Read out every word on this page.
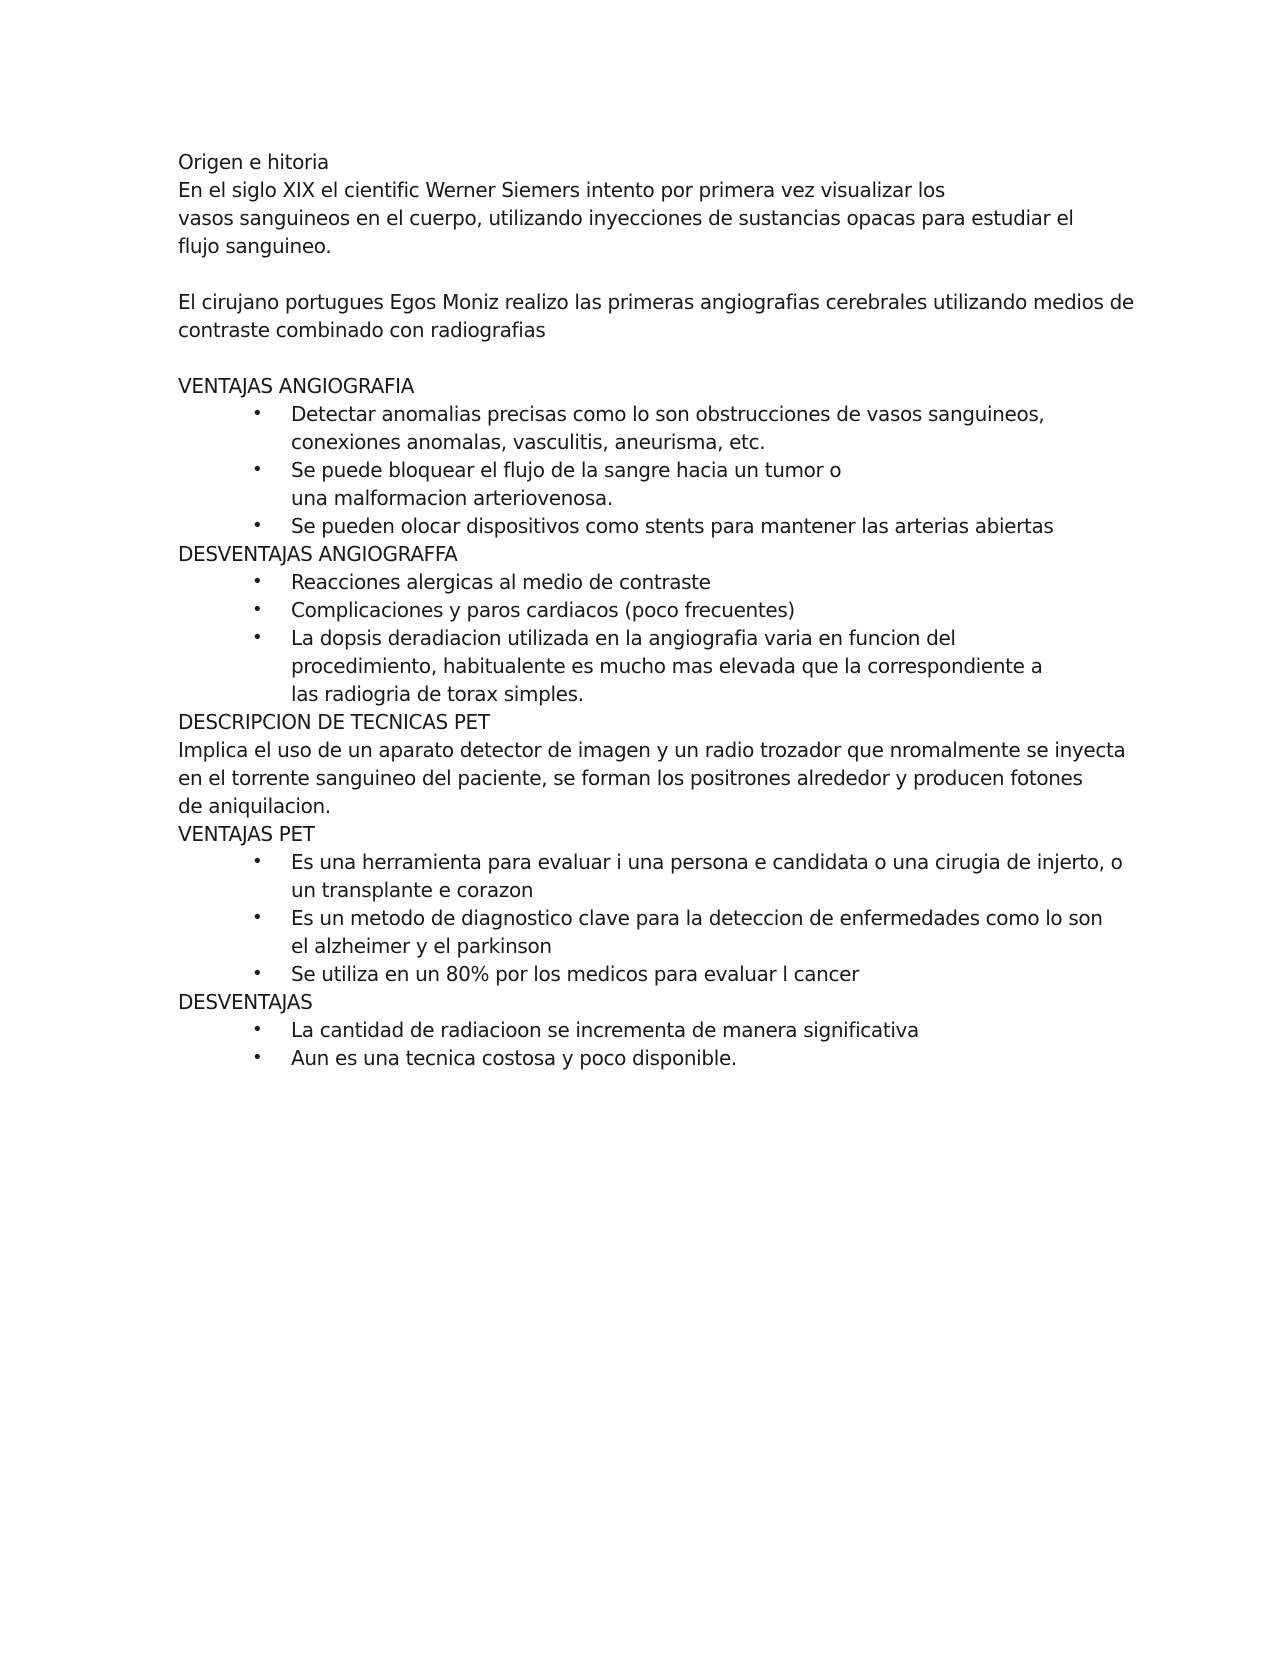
Origen e hitoria

En el siglo XIX el cientific Werner Siemers intento por primera vez visualizar los

vasos sanguineos en el cuerpo, utilizando inyecciones de sustancias opacas para estudiar el

flujo sanguineo.

El cirujano portugues Egos Moniz realizo las primeras angiografias cerebrales utilizando medios de

contraste combinado con radiografias

VENTAJAS ANGIOGRAFIA

• Detectar anomalias precisas como lo son obstrucciones de vasos sanguineos,
conexiones anomalas, vasculitis, aneurisma, etc.
• Se puede bloquear el flujo de la sangre hacia un tumor o
una malformacion arteriovenosa.
• Se pueden olocar dispositivos como stents para mantener las arterias abiertas

DESVENTAJAS ANGIOGRAFFA

• Reacciones alergicas al medio de contraste
• Complicaciones y paros cardiacos (poco frecuentes)
• La dopsis deradiacion utilizada en la angiografia varia en funcion del
procedimiento, habitualente es mucho mas elevada que la correspondiente a
las radiogria de torax simples.

DESCRIPCION DE TECNICAS PET

Implica el uso de un aparato detector de imagen y un radio trozador que nromalmente se inyecta

en el torrente sanguineo del paciente, se forman los positrones alrededor y producen fotones

de aniquilacion.

VENTAJAS PET

• Es una herramienta para evaluar i una persona e candidata o una cirugia de injerto, o
un transplante e corazon
• Es un metodo de diagnostico clave para la deteccion de enfermedades como lo son
el alzheimer y el parkinson
• Se utiliza en un 80% por los medicos para evaluar l cancer

DESVENTAJAS

• La cantidad de radiacioon se incrementa de manera significativa
• Aun es una tecnica costosa y poco disponible.
